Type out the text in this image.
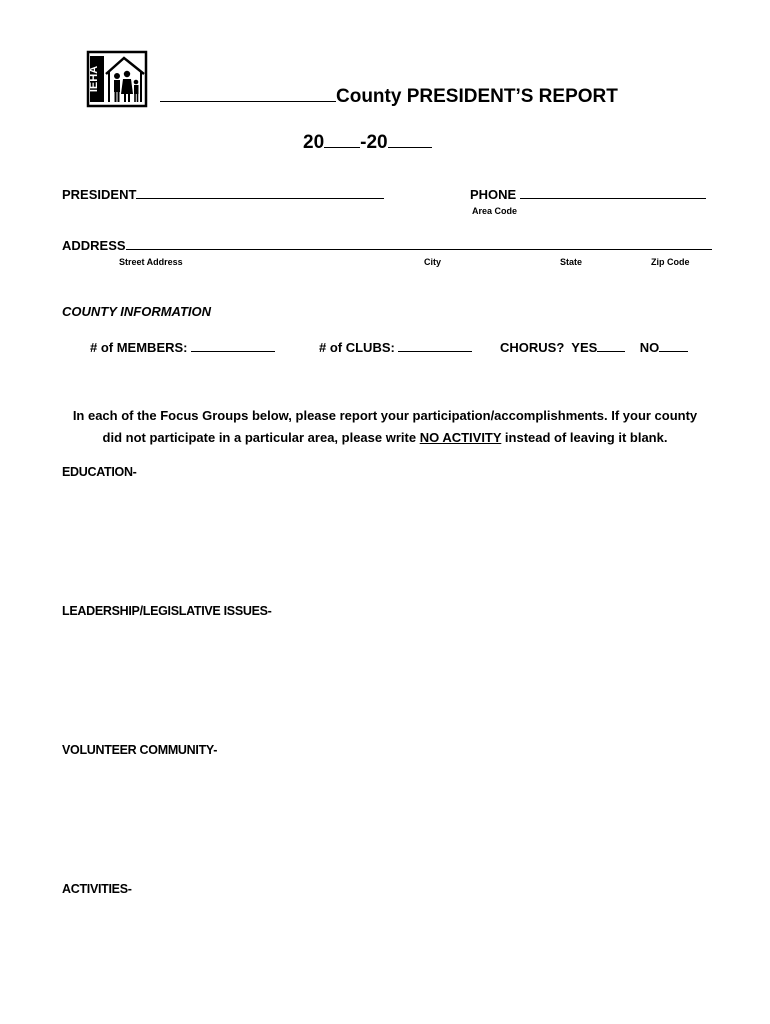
IEHA
County PRESIDENT’S REPORT
20 -20
PRESIDENT	PHONE
Area Code
ADDRESS
Street Address	City	State	Zip Code
COUNTY INFORMATION
# of MEMBERS:	# of CLUBS:	CHORUS? YES	NO
In each of the Focus Groups below, please report your participation/accomplishments. If your county
did not participate in a particular area, please write NO ACTIVITY instead of leaving it blank.
EDUCATION-
LEADERSHIP/LEGISLATIVE ISSUES-
VOLUNTEER COMMUNITY-
ACTIVITIES-
